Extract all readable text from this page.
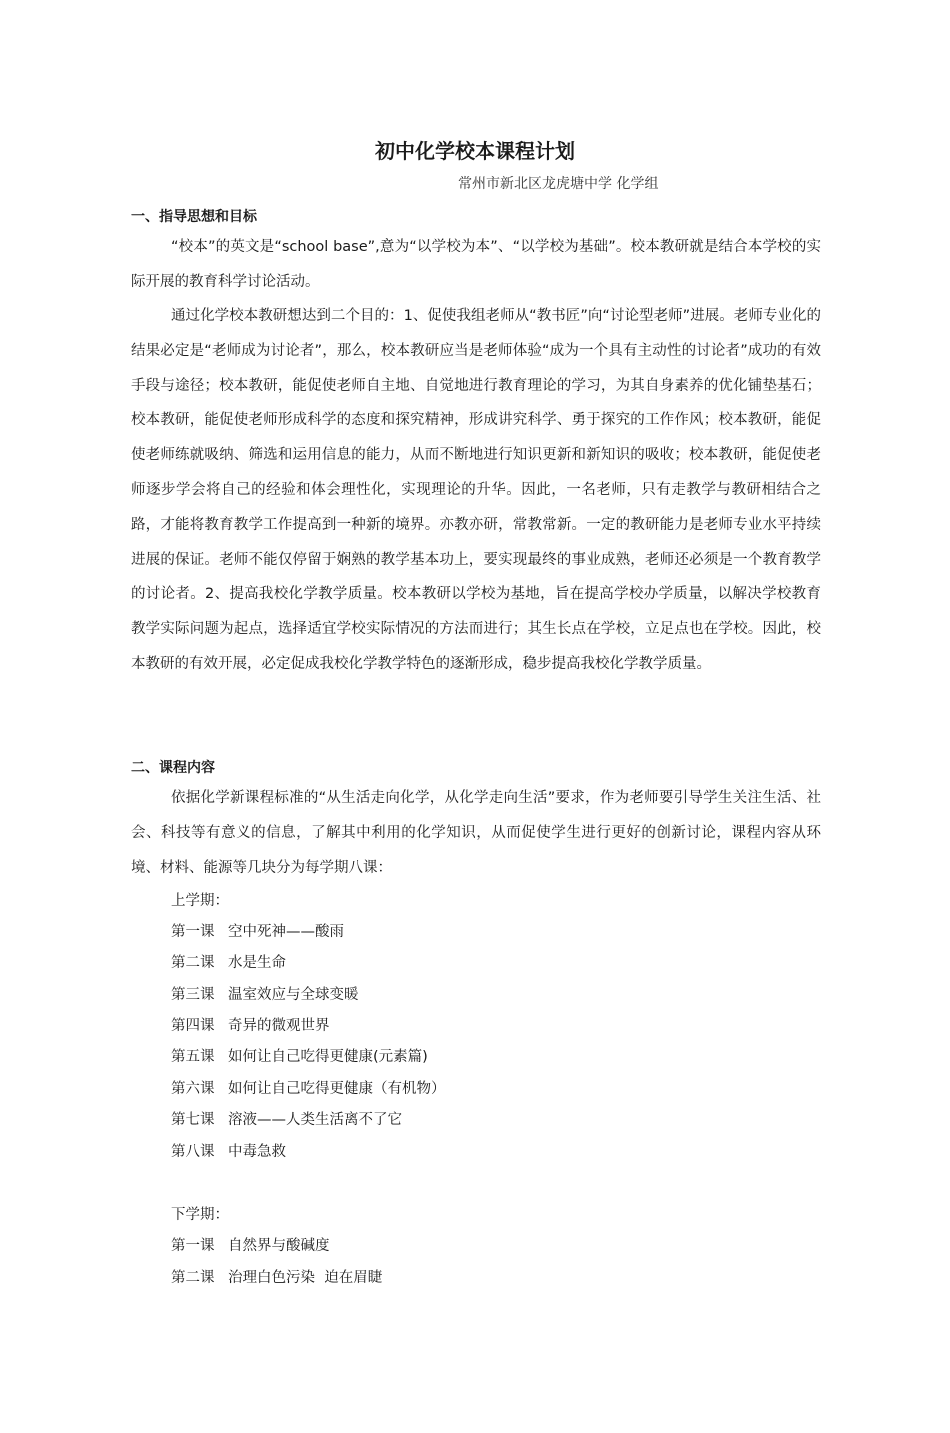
初中化学校本课程计划
常州市新北区龙虎塘中学 化学组
一、指导思想和目标
“校本”的英文是“school base”,意为“以学校为本”、“以学校为基础”。校本教研就是结合本学校的实际开展的教育科学讨论活动。
通过化学校本教研想达到二个目的：1、促使我组老师从“教书匠”向“讨论型老师”进展。老师专业化的结果必定是“老师成为讨论者”，那么，校本教研应当是老师体验“成为一个具有主动性的讨论者”成功的有效手段与途径；校本教研，能促使老师自主地、自觉地进行教育理论的学习，为其自身素养的优化铺垫基石；校本教研，能促使老师形成科学的态度和探究精神，形成讲究科学、勇于探究的工作作风；校本教研，能促使老师练就吸纳、筛选和运用信息的能力，从而不断地进行知识更新和新知识的吸收；校本教研，能促使老师逐步学会将自己的经验和体会理性化，实现理论的升华。因此，一名老师，只有走教学与教研相结合之路，才能将教育教学工作提高到一种新的境界。亦教亦研，常教常新。一定的教研能力是老师专业水平持续进展的保证。老师不能仅停留于娴熟的教学基本功上，要实现最终的事业成熟，老师还必须是一个教育教学的讨论者。2、提高我校化学教学质量。校本教研以学校为基地，旨在提高学校办学质量，以解决学校教育教学实际问题为起点，选择适宜学校实际情况的方法而进行；其生长点在学校，立足点也在学校。因此，校本教研的有效开展，必定促成我校化学教学特色的逐渐形成，稳步提高我校化学教学质量。
二、课程内容
依据化学新课程标准的“从生活走向化学，从化学走向生活”要求，作为老师要引导学生关注生活、社会、科技等有意义的信息，了解其中利用的化学知识，从而促使学生进行更好的创新讨论，课程内容从环境、材料、能源等几块分为每学期八课：
上学期：
第一课 空中死神——酸雨
第二课 水是生命
第三课 温室效应与全球变暖
第四课 奇异的微观世界
第五课 如何让自己吃得更健康(元素篇)
第六课 如何让自己吃得更健康（有机物）
第七课 溶液——人类生活离不了它
第八课 中毒急救
下学期：
第一课 自然界与酸碱度
第二课 治理白色污染  迫在眉睫
